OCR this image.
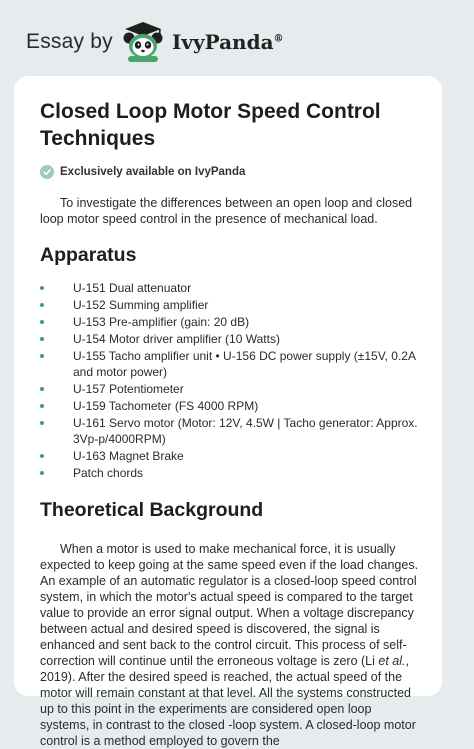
Essay by	IvyPanda®
Closed Loop Motor Speed Control Techniques
Exclusively available on IvyPanda

To investigate the differences between an open loop and closed loop motor speed control in the presence of mechanical load.

Apparatus
U-151 Dual attenuator
U-152 Summing amplifier
U-153 Pre-amplifier (gain: 20 dB)
U-154 Motor driver amplifier (10 Watts)
U-155 Tacho amplifier unit • U-156 DC power supply (±15V, 0.2A and motor power)
U-157 Potentiometer
U-159 Tachometer (FS 4000 RPM)
U-161 Servo motor (Motor: 12V, 4.5W | Tacho generator: Approx. 3Vp-p/4000RPM)
U-163 Magnet Brake
Patch chords
Theoretical Background

When a motor is used to make mechanical force, it is usually expected to keep going at the same speed even if the load changes. An example of an automatic regulator is a closed-loop speed control system, in which the motor's actual speed is compared to the target value to provide an error signal output. When a voltage discrepancy between actual and desired speed is discovered, the signal is enhanced and sent back to the control circuit. This process of self-correction will continue until the erroneous voltage is zero (Li et al., 2019). After the desired speed is reached, the actual speed of the motor will remain constant at that level. All the systems constructed up to this point in the experiments are considered open loop systems, in contrast to the closed -loop system. A closed-loop motor control is a method employed to govern the
